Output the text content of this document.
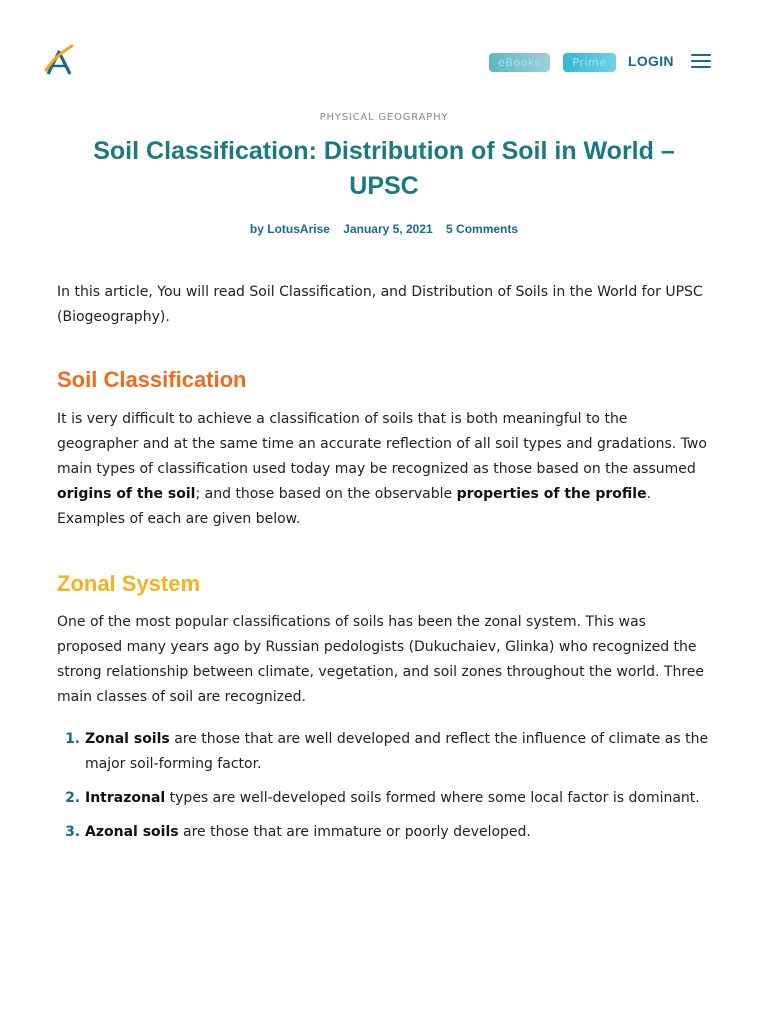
eBooks	Prime	LOGIN
PHYSICAL GEOGRAPHY
Soil Classification: Distribution of Soil in World – UPSC
by LotusArise January 5, 2021 5 Comments

In this article, You will read Soil Classification, and Distribution of Soils in the World for UPSC (Biogeography).

Soil Classification

It is very difficult to achieve a classification of soils that is both meaningful to the geographer and at the same time an accurate reflection of all soil types and gradations. Two main types of classification used today may be recognized as those based on the assumed origins of the soil; and those based on the observable properties of the profile. Examples of each are given below.

Zonal System

One of the most popular classifications of soils has been the zonal system. This was proposed many years ago by Russian pedologists (Dukuchaiev, Glinka) who recognized the strong relationship between climate, vegetation, and soil zones throughout the world. Three main classes of soil are recognized.

1. Zonal soils are those that are well developed and reflect the influence of climate as the major soil-forming factor.
2. Intrazonal types are well-developed soils formed where some local factor is dominant.
3. Azonal soils are those that are immature or poorly developed.
